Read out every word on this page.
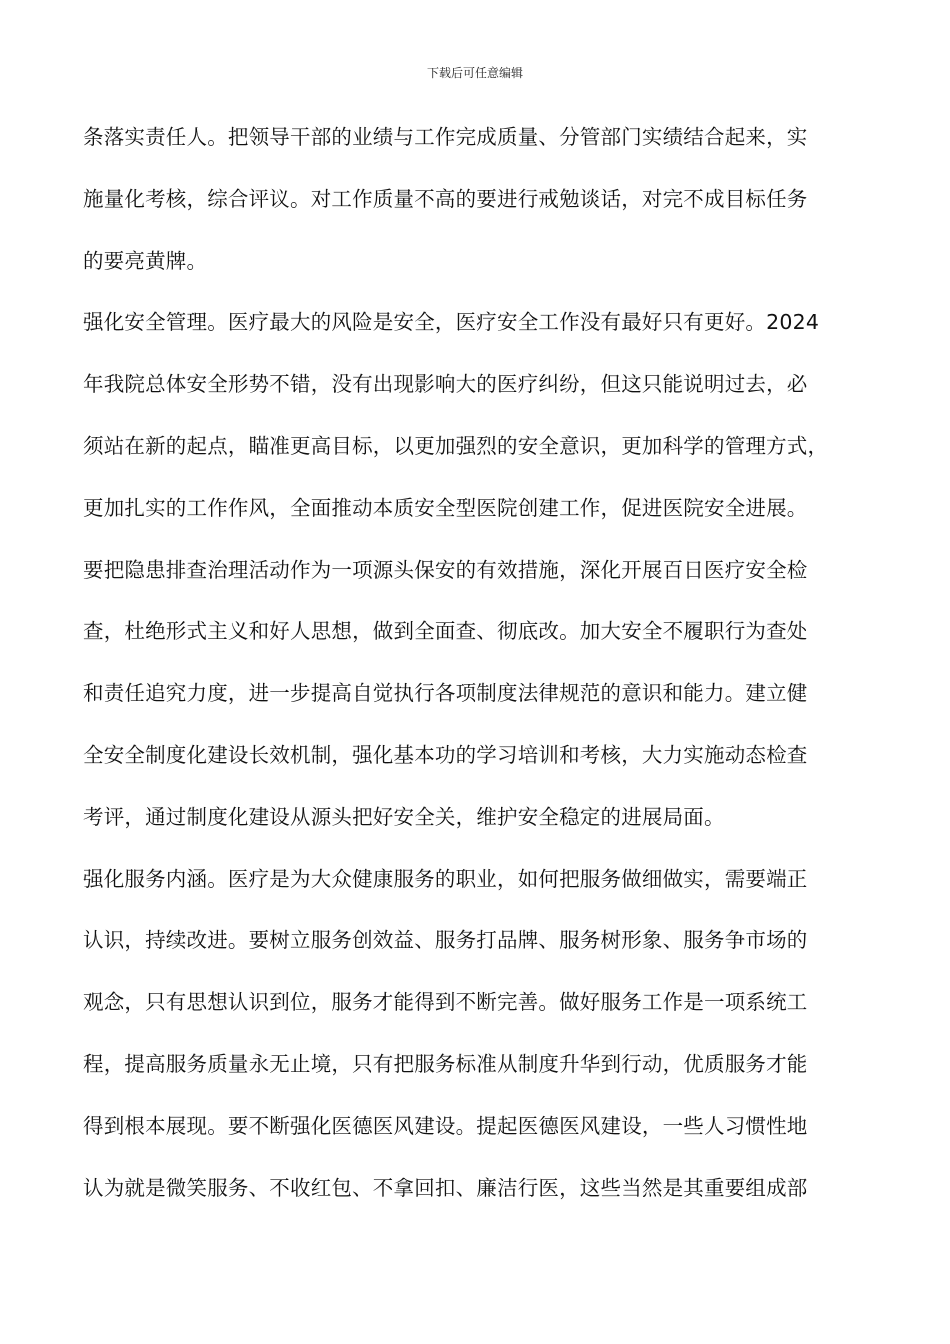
下载后可任意编辑
条落实责任人。把领导干部的业绩与工作完成质量、分管部门实绩结合起来，实
施量化考核，综合评议。对工作质量不高的要进行戒勉谈话，对完不成目标任务
的要亮黄牌。
强化安全管理。医疗最大的风险是安全，医疗安全工作没有最好只有更好。2024
年我院总体安全形势不错，没有出现影响大的医疗纠纷，但这只能说明过去，必
须站在新的起点，瞄准更高目标，以更加强烈的安全意识，更加科学的管理方式，
更加扎实的工作作风，全面推动本质安全型医院创建工作，促进医院安全进展。
要把隐患排查治理活动作为一项源头保安的有效措施，深化开展百日医疗安全检
查，杜绝形式主义和好人思想，做到全面查、彻底改。加大安全不履职行为查处
和责任追究力度，进一步提高自觉执行各项制度法律规范的意识和能力。建立健
全安全制度化建设长效机制，强化基本功的学习培训和考核，大力实施动态检查
考评，通过制度化建设从源头把好安全关，维护安全稳定的进展局面。
强化服务内涵。医疗是为大众健康服务的职业，如何把服务做细做实，需要端正
认识，持续改进。要树立服务创效益、服务打品牌、服务树形象、服务争市场的
观念，只有思想认识到位，服务才能得到不断完善。做好服务工作是一项系统工
程，提高服务质量永无止境，只有把服务标准从制度升华到行动，优质服务才能
得到根本展现。要不断强化医德医风建设。提起医德医风建设，一些人习惯性地
认为就是微笑服务、不收红包、不拿回扣、廉洁行医，这些当然是其重要组成部
